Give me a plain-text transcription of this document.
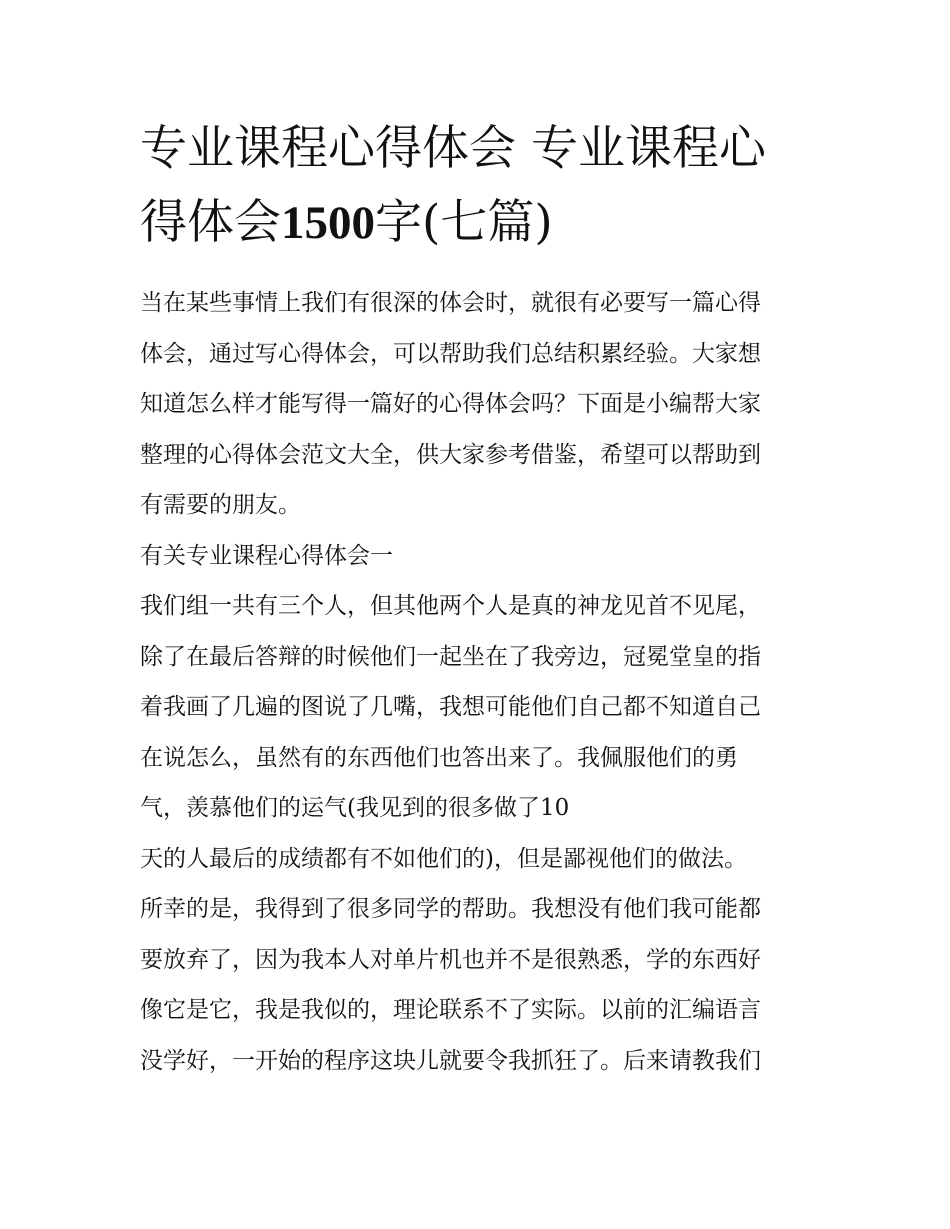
专业课程心得体会 专业课程心
得体会1500字(七篇)

当在某些事情上我们有很深的体会时，就很有必要写一篇心得
体会，通过写心得体会，可以帮助我们总结积累经验。大家想
知道怎么样才能写得一篇好的心得体会吗？下面是小编帮大家
整理的心得体会范文大全，供大家参考借鉴，希望可以帮助到
有需要的朋友。

有关专业课程心得体会一

我们组一共有三个人，但其他两个人是真的神龙见首不见尾，
除了在最后答辩的时候他们一起坐在了我旁边，冠冕堂皇的指
着我画了几遍的图说了几嘴，我想可能他们自己都不知道自己
在说怎么，虽然有的东西他们也答出来了。我佩服他们的勇
气，羡慕他们的运气(我见到的很多做了10
天的人最后的成绩都有不如他们的)，但是鄙视他们的做法。
所幸的是，我得到了很多同学的帮助。我想没有他们我可能都
要放弃了，因为我本人对单片机也并不是很熟悉，学的东西好
像它是它，我是我似的，理论联系不了实际。以前的汇编语言
没学好，一开始的程序这块儿就要令我抓狂了。后来请教我们
